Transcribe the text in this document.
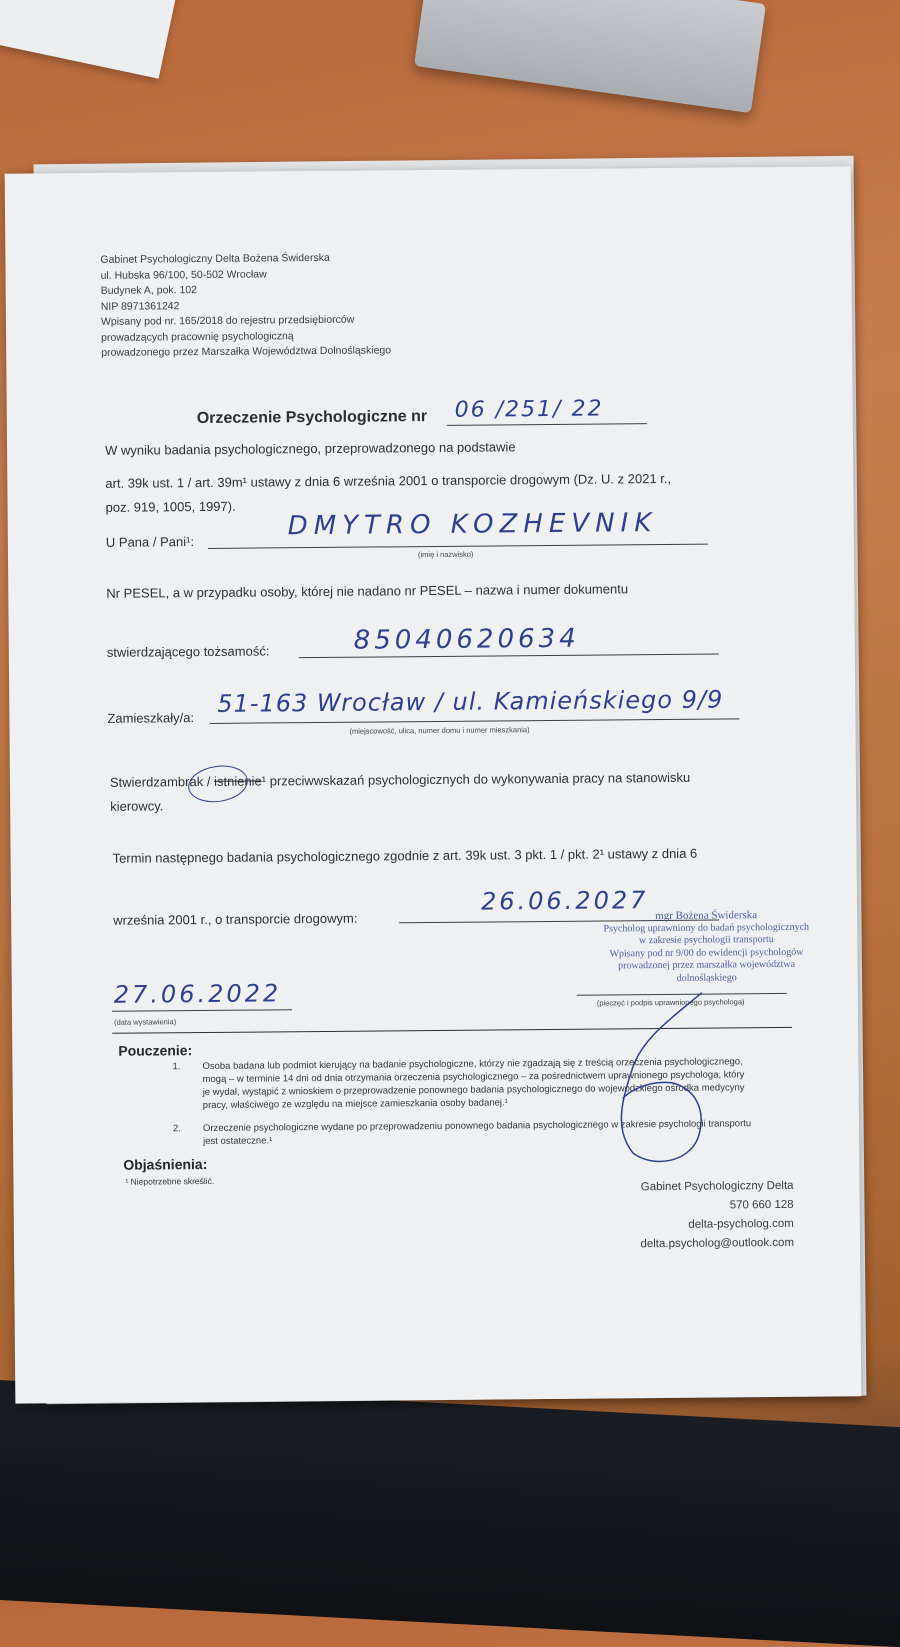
Gabinet Psychologiczny Delta Bożena Świderska
ul. Hubska 96/100, 50-502 Wrocław
Budynek A, pok. 102
NIP 8971361242
Wpisany pod nr. 165/2018 do rejestru przedsiębiorców
prowadzących pracownię psychologiczną
prowadzonego przez Marszałka Województwa Dolnośląskiego
Orzeczenie Psychologiczne nr 06 /251/ 22
W wyniku badania psychologicznego, przeprowadzonego na podstawie
art. 39k ust. 1 / art. 39m¹ ustawy z dnia 6 września 2001 o transporcie drogowym (Dz. U. z 2021 r.,
poz. 919, 1005, 1997).
U Pana / Pani¹:
DMYTRO KOZHEVNIK
(imię i nazwisko)
Nr PESEL, a w przypadku osoby, której nie nadano nr PESEL – nazwa i numer dokumentu
stwierdzającego tożsamość:	85040620634
Zamieszkały/a:
51-163 Wrocław / ul. Kamieńskiego 9/9
(miejscowość, ulica, numer domu i numer mieszkania)
Stwierdzambrak / istnienie¹ przeciwwskazań psychologicznych do wykonywania pracy na stanowisku
kierowcy.
Termin następnego badania psychologicznego zgodnie z art. 39k ust. 3 pkt. 1 / pkt. 2¹ ustawy z dnia 6
września 2001 r., o transporcie drogowym:
26.06.2027
mgr Bożena Świderska
Psycholog uprawniony do badań psychologicznych
w zakresie psychologii transportu
Wpisany pod nr 9/00 do ewidencji psychologów
prowadzonej przez marszałka województwa
dolnośląskiego
27.06.2022
(data wystawienia)
(pieczęć i podpis uprawnionego psychologa)
Pouczenie:
1. Osoba badana lub podmiot kierujący na badanie psychologiczne, którzy nie zgadzają się z treścią orzeczenia psychologicznego,
mogą – w terminie 14 dni od dnia otrzymania orzeczenia psychologicznego – za pośrednictwem uprawnionego psychologa, który
je wydał, wystąpić z wnioskiem o przeprowadzenie ponownego badania psychologicznego do wojewódzkiego ośrodka medycyny
pracy, właściwego ze względu na miejsce zamieszkania osoby badanej.¹
2. Orzeczenie psychologiczne wydane po przeprowadzeniu ponownego badania psychologicznego w zakresie psychologii transportu
jest ostateczne.¹
Objaśnienia:
¹ Niepotrzebne skreślić.	Gabinet Psychologiczny Delta
570 660 128
delta-psycholog.com
delta.psycholog@outlook.com
